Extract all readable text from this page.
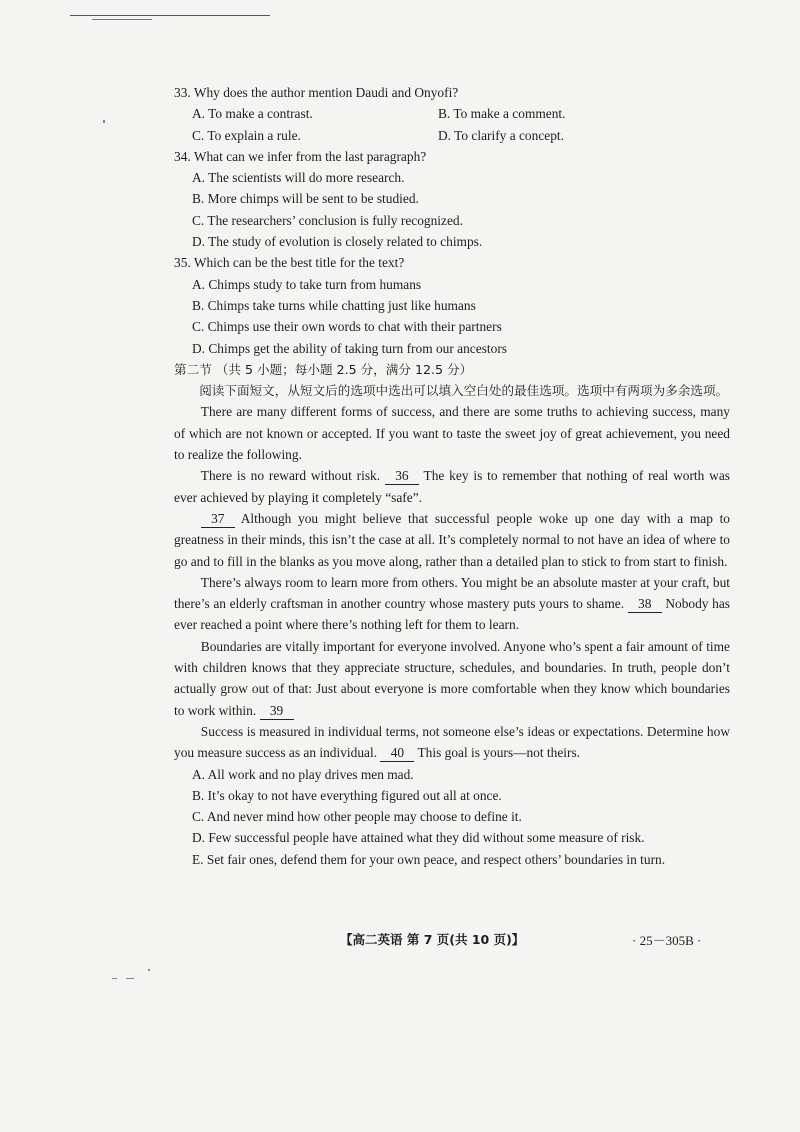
33. Why does the author mention Daudi and Onyofi?

A. To make a contrast.	B. To make a comment.
C. To explain a rule.	D. To clarify a concept.

34. What can we infer from the last paragraph?

A. The scientists will do more research.

B. More chimps will be sent to be studied.

C. The researchers’ conclusion is fully recognized.

D. The study of evolution is closely related to chimps.

35. Which can be the best title for the text?

A. Chimps study to take turn from humans

B. Chimps take turns while chatting just like humans

C. Chimps use their own words to chat with their partners

D. Chimps get the ability of taking turn from our ancestors

第二节 （共 5 小题；每小题 2.5 分，满分 12.5 分）

阅读下面短文，从短文后的选项中选出可以填入空白处的最佳选项。选项中有两项为多余选项。

There are many different forms of success, and there are some truths to achieving success, many of which are not known or accepted. If you want to taste the sweet joy of great achievement, you need to realize the following.

There is no reward without risk. 36 The key is to remember that nothing of real worth was ever achieved by playing it completely “safe”.

37 Although you might believe that successful people woke up one day with a map to greatness in their minds, this isn’t the case at all. It’s completely normal to not have an idea of where to go and to fill in the blanks as you move along, rather than a detailed plan to stick to from start to finish.

There’s always room to learn more from others. You might be an absolute master at your craft, but there’s an elderly craftsman in another country whose mastery puts yours to shame. 38 Nobody has ever reached a point where there’s nothing left for them to learn.

Boundaries are vitally important for everyone involved. Anyone who’s spent a fair amount of time with children knows that they appreciate structure, schedules, and boundaries. In truth, people don’t actually grow out of that: Just about everyone is more comfortable when they know which boundaries to work within. 39

Success is measured in individual terms, not someone else’s ideas or expectations. Determine how you measure success as an individual. 40 This goal is yours—not theirs.

A. All work and no play drives men mad.

B. It’s okay to not have everything figured out all at once.

C. And never mind how other people may choose to define it.

D. Few successful people have attained what they did without some measure of risk.

E. Set fair ones, defend them for your own peace, and respect others’ boundaries in turn.

【高二英语 第 7 页(共 10 页)】	· 25－305B ·
